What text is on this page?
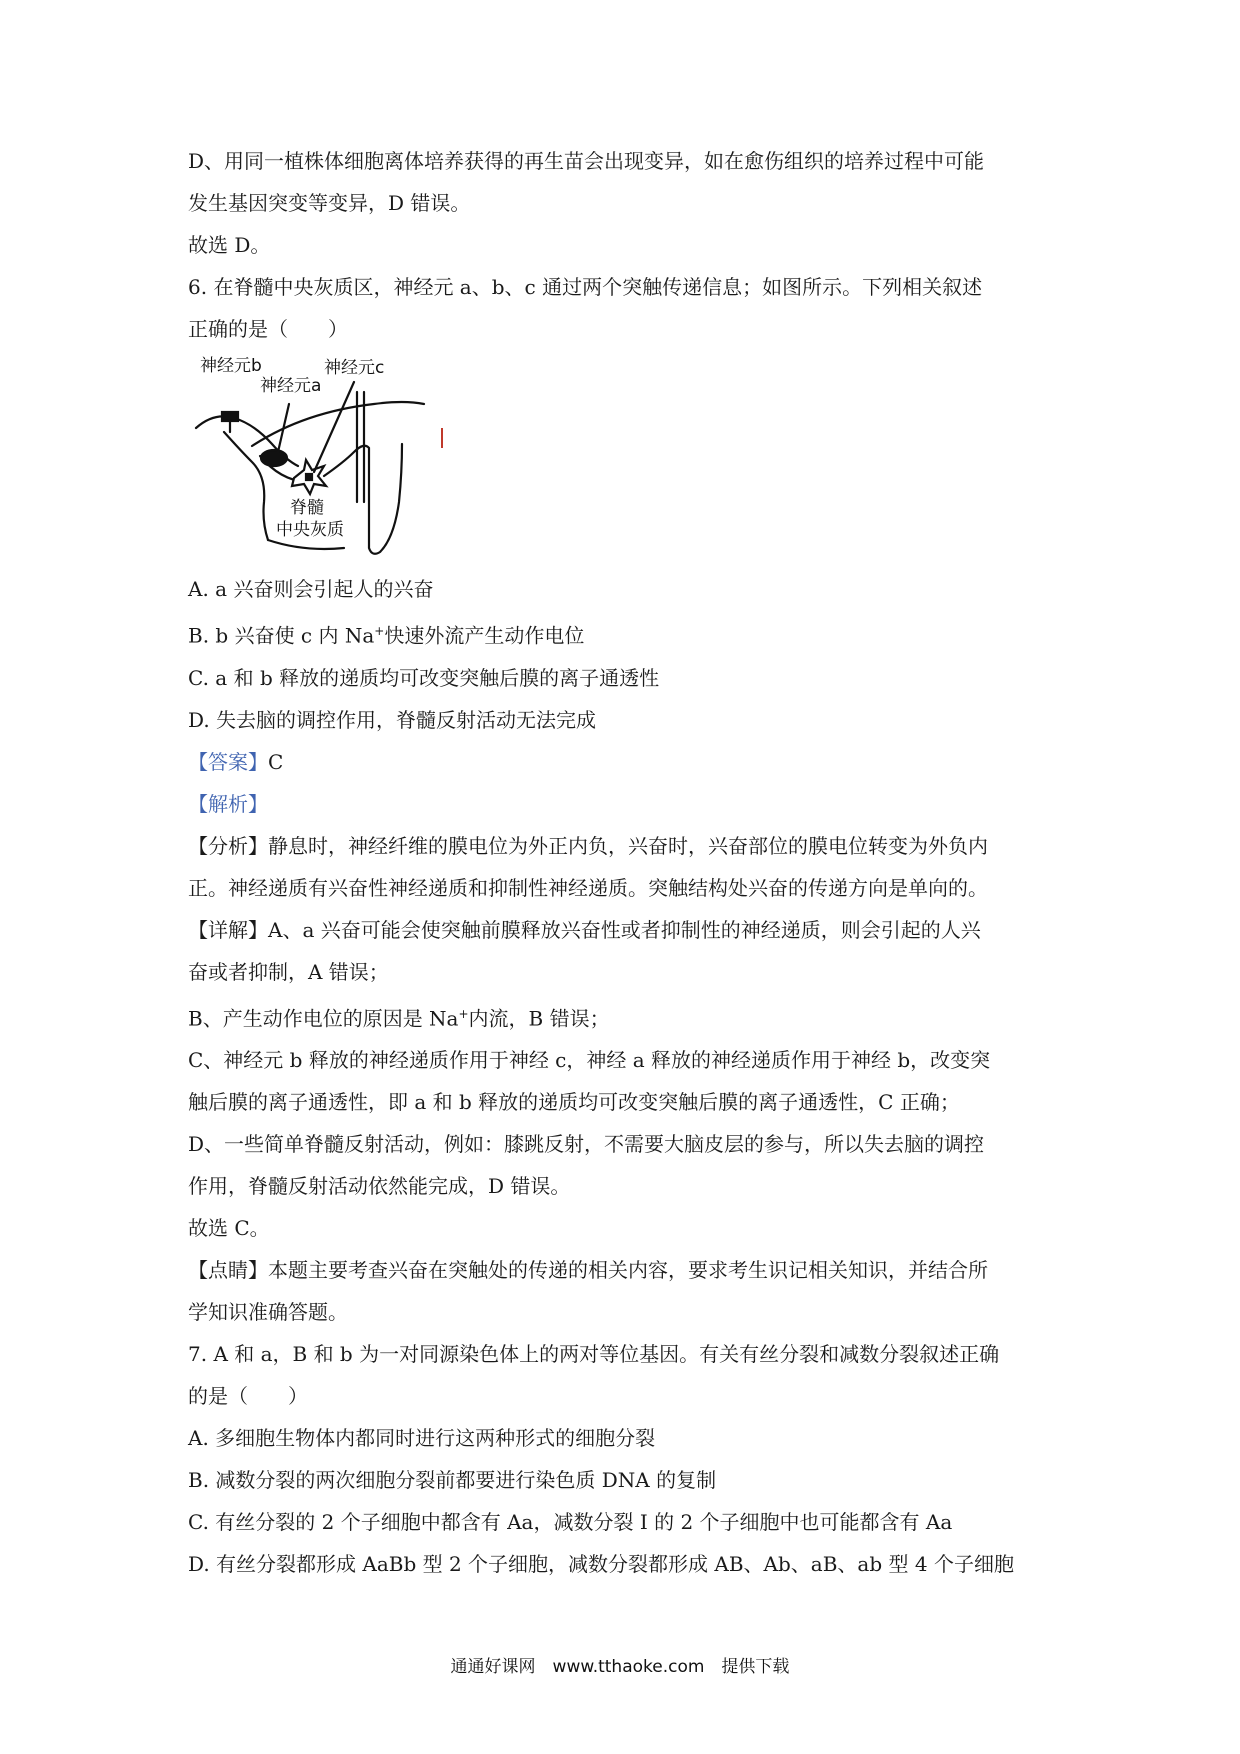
D、用同一植株体细胞离体培养获得的再生苗会出现变异，如在愈伤组织的培养过程中可能
发生基因突变等变异，D 错误。
故选 D。
6. 在脊髓中央灰质区，神经元 a、b、c 通过两个突触传递信息；如图所示。下列相关叙述
正确的是（　　）
神经元b
神经元a
神经元c
脊髓
中央灰质
A. a 兴奋则会引起人的兴奋
B. b 兴奋使 c 内 Na+快速外流产生动作电位
C. a 和 b 释放的递质均可改变突触后膜的离子通透性
D. 失去脑的调控作用，脊髓反射活动无法完成
【答案】C
【解析】
【分析】静息时，神经纤维的膜电位为外正内负，兴奋时，兴奋部位的膜电位转变为外负内
正。神经递质有兴奋性神经递质和抑制性神经递质。突触结构处兴奋的传递方向是单向的。
【详解】A、a 兴奋可能会使突触前膜释放兴奋性或者抑制性的神经递质，则会引起的人兴
奋或者抑制，A 错误；
B、产生动作电位的原因是 Na+内流，B 错误；
C、神经元 b 释放的神经递质作用于神经 c，神经 a 释放的神经递质作用于神经 b，改变突
触后膜的离子通透性，即 a 和 b 释放的递质均可改变突触后膜的离子通透性，C 正确；
D、一些简单脊髓反射活动，例如：膝跳反射，不需要大脑皮层的参与，所以失去脑的调控
作用，脊髓反射活动依然能完成，D 错误。
故选 C。
【点睛】本题主要考查兴奋在突触处的传递的相关内容，要求考生识记相关知识，并结合所
学知识准确答题。
7. A 和 a，B 和 b 为一对同源染色体上的两对等位基因。有关有丝分裂和减数分裂叙述正确
的是（　　）
A. 多细胞生物体内都同时进行这两种形式的细胞分裂
B. 减数分裂的两次细胞分裂前都要进行染色质 DNA 的复制
C. 有丝分裂的 2 个子细胞中都含有 Aa，减数分裂 Ⅰ 的 2 个子细胞中也可能都含有 Aa
D. 有丝分裂都形成 AaBb 型 2 个子细胞，减数分裂都形成 AB、Ab、aB、ab 型 4 个子细胞
通通好课网　www.tthaoke.com　提供下载
